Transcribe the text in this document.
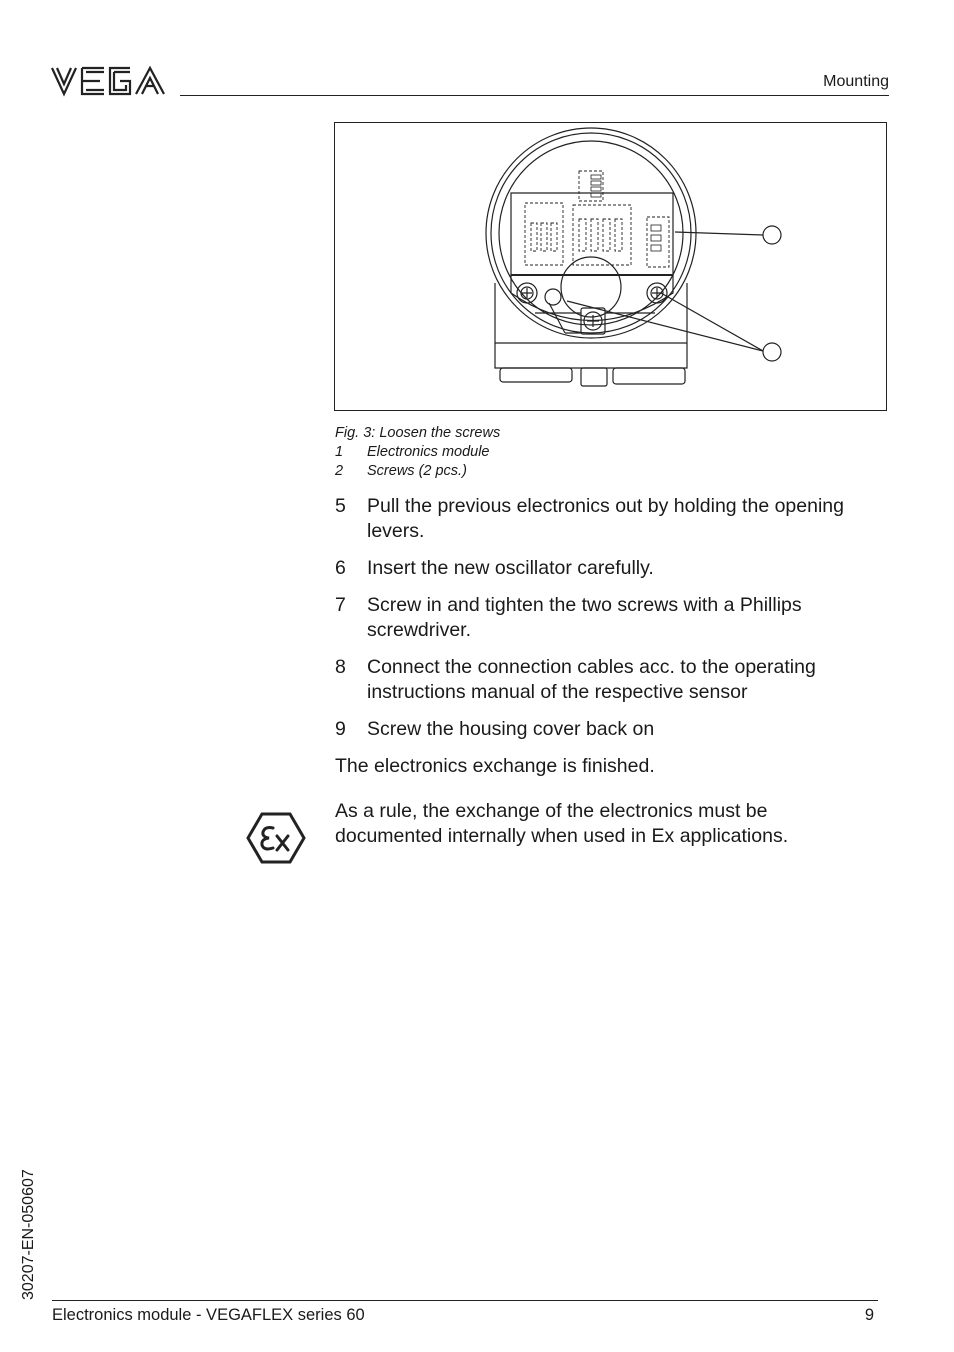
Mounting
Fig. 3: Loosen the screws
1 Electronics module
2 Screws (2 pcs.)
5 Pull the previous electronics out by holding the opening levers.
6 Insert the new oscillator carefully.
7 Screw in and tighten the two screws with a Phillips screwdriver.
8 Connect the connection cables acc. to the operating instructions manual of the respective sensor
9 Screw the housing cover back on
The electronics exchange is finished.
As a rule, the exchange of the electronics must be documented internally when used in Ex applications.
30207-EN-050607
Electronics module - VEGAFLEX series 60	9
